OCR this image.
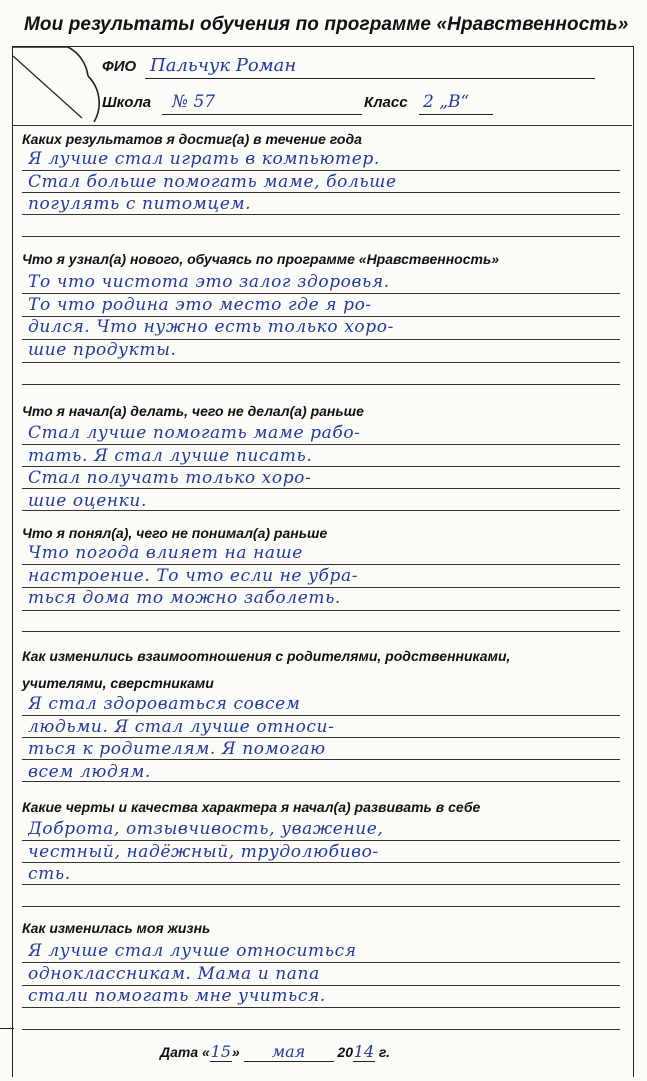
Мои результаты обучения по программе «Нравственность»
ФИО Пальчук Роман
Школа № 57	Класс 2 „В“
Каких результатов я достиг(а) в течение года
Я лучше стал играть в компьютер.
Стал больше помогать маме, больше
погулять с питомцем.
Что я узнал(а) нового, обучаясь по программе «Нравственность»
То что чистота это залог здоровья.
То что родина это место где я ро-
дился. Что нужно есть только хоро-
шие продукты.
Что я начал(а) делать, чего не делал(а) раньше
Стал лучше помогать маме рабо-
тать. Я стал лучше писать.
Стал получать только хоро-
шие оценки.
Что я понял(а), чего не понимал(а) раньше
Что погода влияет на наше
настроение. То что если не убра-
ться дома то можно заболеть.
Как изменились взаимоотношения с родителями, родственниками,
учителями, сверстниками
Я стал здороваться совсем
людьми. Я стал лучше относи-
ться к родителям. Я помогаю
всем людям.
Какие черты и качества характера я начал(а) развивать в себе
Доброта, отзывчивость, уважение,
честный, надёжный, трудолюбиво-
сть.
Как изменилась моя жизнь
Я лучше стал лучше относиться
одноклассникам. Мама и папа
стали помогать мне учиться.
Дата «15» мая 2014 г.
